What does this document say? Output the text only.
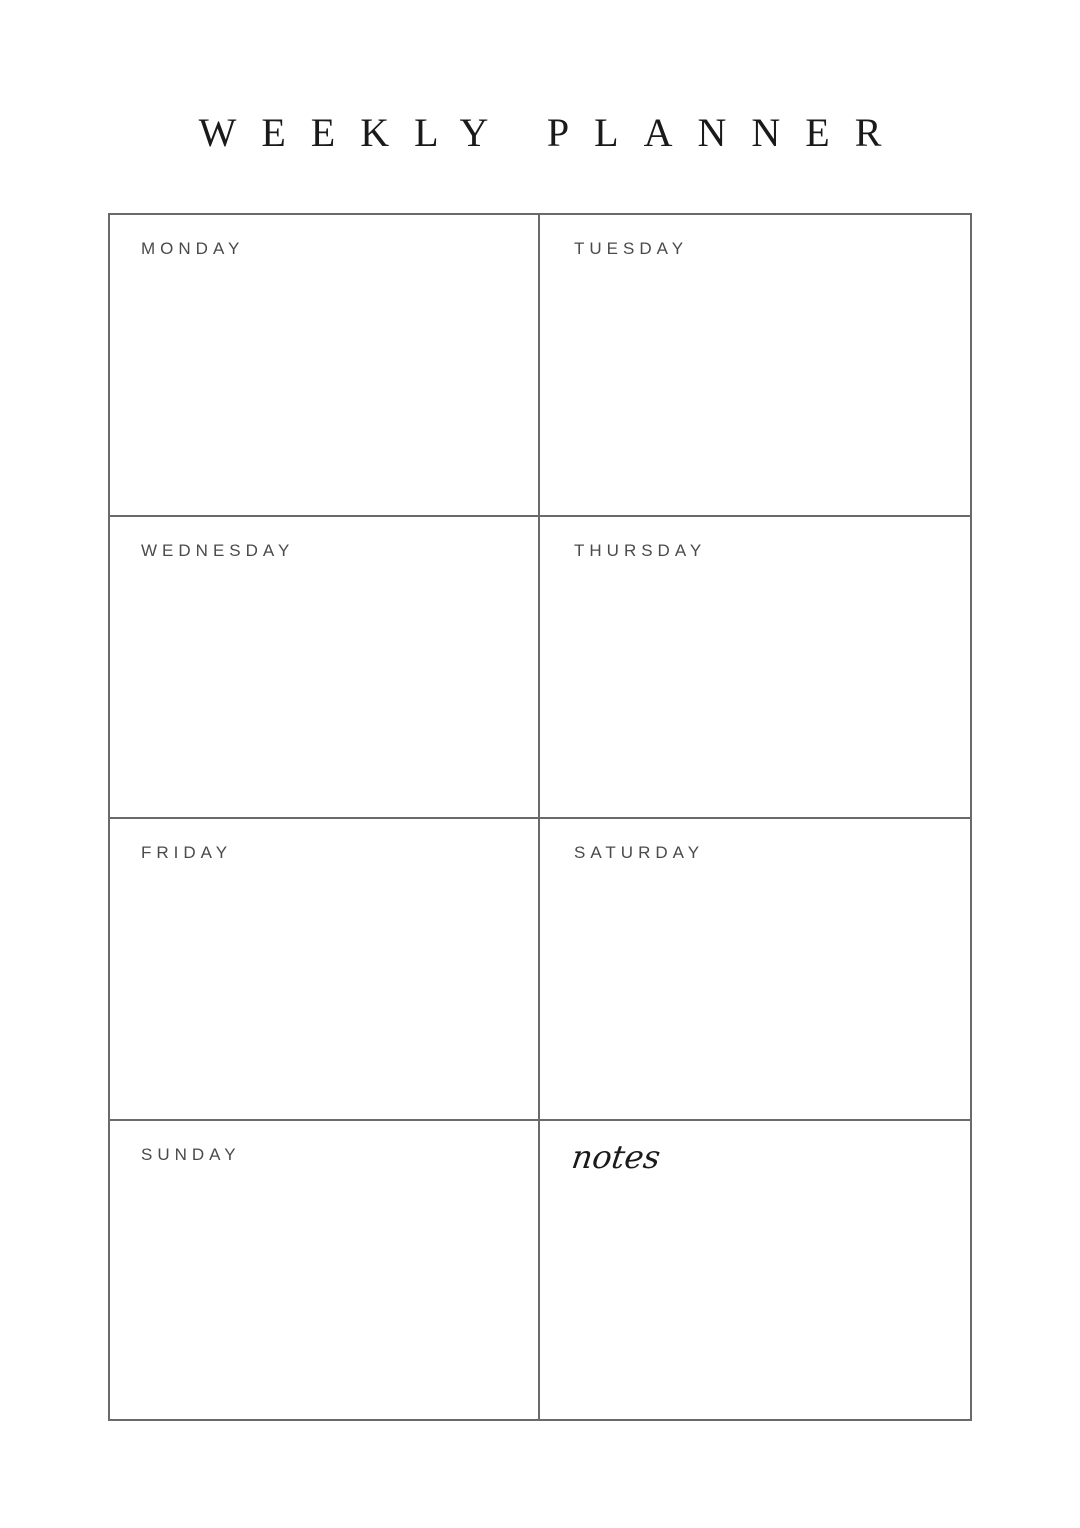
WEEKLY PLANNER
MONDAY	TUESDAY
WEDNESDAY	THURSDAY
FRIDAY	SATURDAY
SUNDAY	notes
